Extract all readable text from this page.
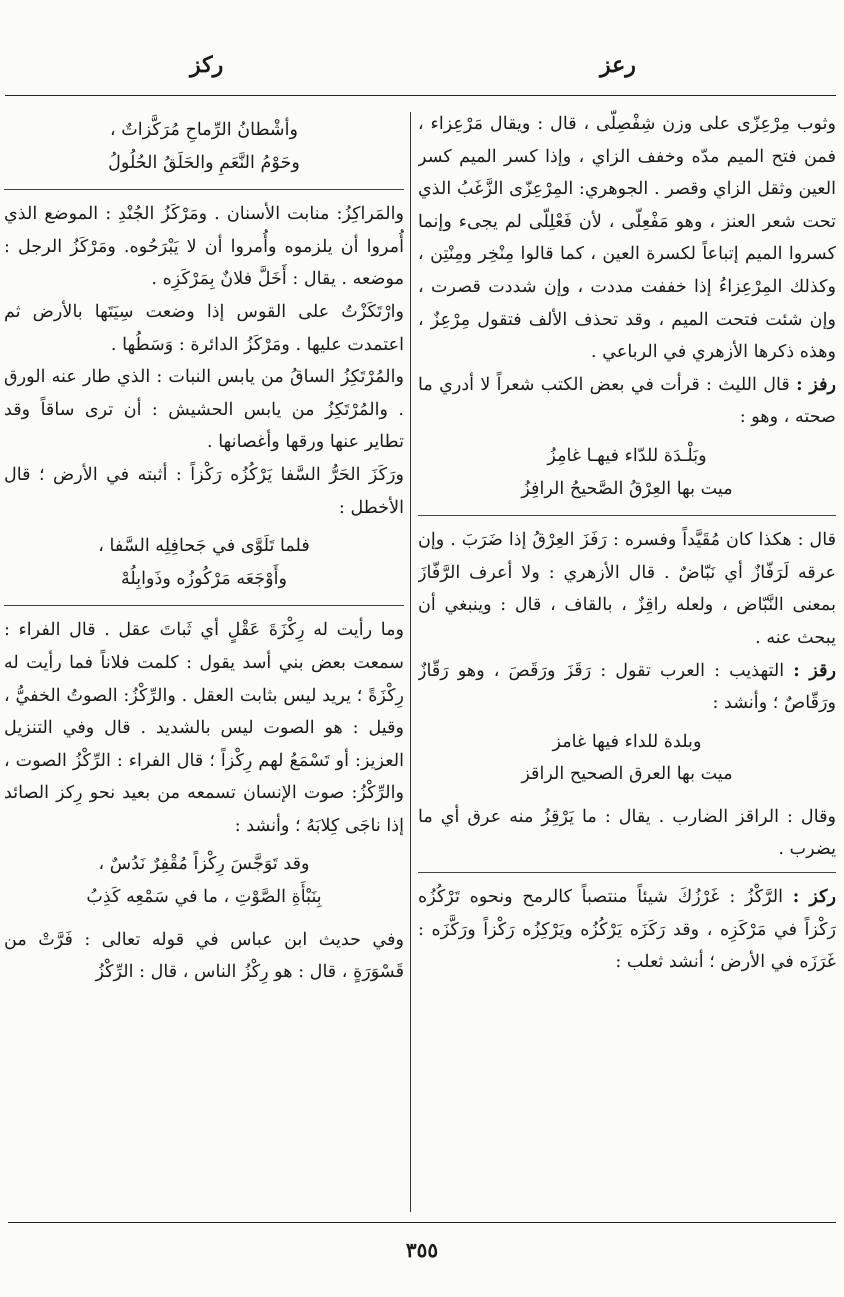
ركز	رعز

وثوب مِرْعِزّى على وزن شِفْصِلّى ، قال : ويقال مَرْعِزاء ، فمن فتح الميم مدّه وخفف الزاي ، وإذا كسر الميم كسر العين وثقل الزاي وقصر . الجوهري: المِرْعِزّى الزَّغَبُ الذي تحت شعر العنز ، وهو مَفْعِلّى ، لأن فَعْلِلّى لم يجىء وإنما كسروا الميم إتباعاً لكسرة العين ، كما قالوا مِنْخِر ومِنْتِن ، وكذلك المِرْعِزاءُ إذا خففت مددت ، وإن شددت قصرت ، وإن شئت فتحت الميم ، وقد تحذف الألف فتقول مِرْعِزٌ ، وهذه ذكرها الأزهري في الرباعي .

رفز : قال الليث : قرأت في بعض الكتب شعراً لا أدري ما صحته ، وهو :

وبَلْـدَة للدّاء فيهـا غامِزُ
ميت بها العِرْقُ الصَّحيحُ الرافِزُ

قال : هكذا كان مُقَيَّداً وفسره : رَفَزَ العِرْقُ إذا ضَرَبَ . وإن عرقه لَرَفّازٌ أي نَبّاضٌ . قال الأزهري : ولا أعرف الرَّفّازَ بمعنى النَّبّاض ، ولعله راقِزٌ ، بالقاف ، قال : وينبغي أن يبحث عنه .

رقز : التهذيب : العرب تقول : رَقَزَ ورَقَصَ ، وهو رَقّازٌ ورَقّاصٌ ؛ وأنشد :

وبلدة للداء فيها غامز
ميت بها العرق الصحيح الراقز

وقال : الراقز الضارب . يقال : ما يَرْقِزُ منه عرق أي ما يضرب .

ركز : الرَّكْزُ : غَرْزُكَ شيئاً منتصباً كالرمح ونحوه تَرْكُزُه رَكْزاً في مَرْكَزِه ، وقد رَكَزَه يَرْكُزُه ويَرْكِزُه رَكْزاً ورَكَّزَه : غَرَزَه في الأرض ؛ أنشد ثعلب :

وأشْطانُ الرِّماحِ مُرَكَّزاتٌ ،
وحَوْمُ النَّعَمِ والحَلَقُ الحُلُولُ

والمَراكِزُ: منابت الأسنان . ومَرْكَزُ الجُنْدِ : الموضع الذي أُمروا أن يلزموه وأُمروا أن لا يَبْرَحُوه. ومَرْكَزُ الرجل : موضعه . يقال : أَخَلَّ فلانٌ بِمَرْكَزِه .

وارْتَكَزْتُ على القوس إذا وضعت سِيَتَها بالأرض ثم اعتمدت عليها . ومَرْكَزُ الدائرة : وَسَطُها .

والمُرْتَكِزُ الساقُ من يابس النبات : الذي طار عنه الورق . والمُرْتَكِزُ من يابس الحشيش : أن ترى ساقاً وقد تطاير عنها ورقها وأغصانها .

ورَكَزَ الحَرُّ السَّفا يَرْكُزُه رَكْزاً : أثبته في الأرض ؛ قال الأخطل :

فلما تَلَوَّى في جَحافِلِه السَّفا ،
وأَوْجَعَه مَرْكُوزُه وذَوابِلُهْ

وما رأيت له رِكْزَةَ عَقْلٍ أي ثَباتَ عقل . قال الفراء : سمعت بعض بني أسد يقول : كلمت فلاناً فما رأيت له رِكْزَةً ؛ يريد ليس بثابت العقل . والرِّكْزُ: الصوتُ الخفيُّ ، وقيل : هو الصوت ليس بالشديد . قال وفي التنزيل العزيز: أو تَسْمَعُ لهم رِكْزاً ؛ قال الفراء : الرِّكْزُ الصوت ، والرِّكْزُ: صوت الإنسان تسمعه من بعيد نحو رِكز الصائد إذا ناجَى كِلابَهُ ؛ وأنشد :

وقد تَوَجَّسَ رِكْزاً مُقْفِرٌ نَدُسٌ ،
بِنَبْأَةِ الصَّوْتِ ، ما في سَمْعِه كَذِبُ

وفي حديث ابن عباس في قوله تعالى : فَرَّتْ من قَسْوَرَةٍ ، قال : هو رِكْزُ الناس ، قال : الرِّكْزُ

٣٥٥
